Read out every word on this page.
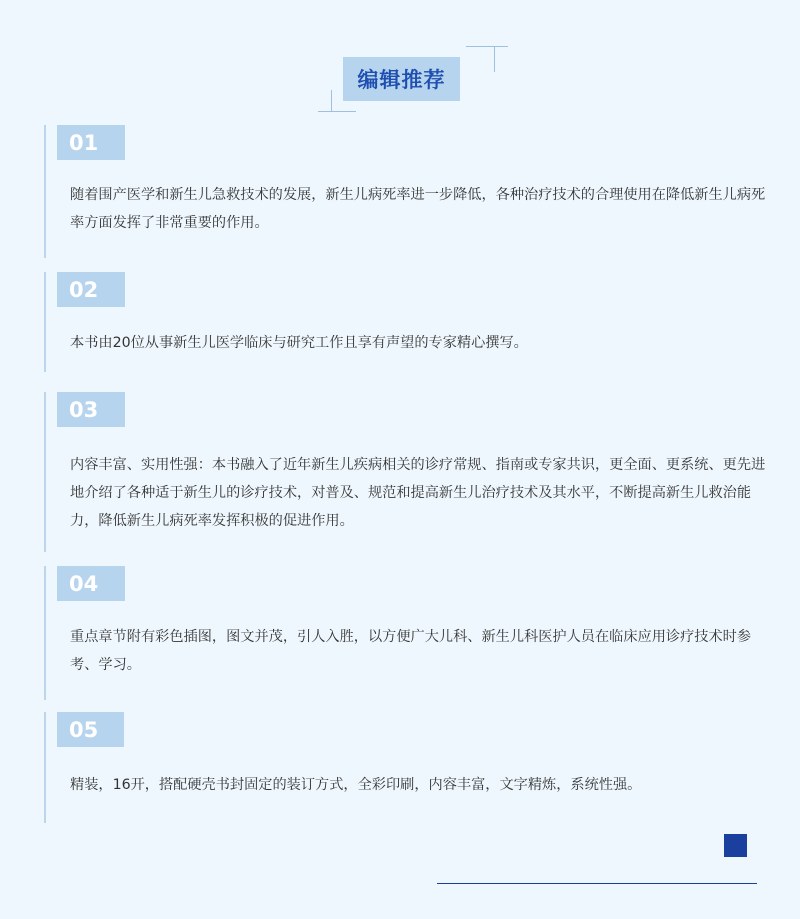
编辑推荐
01
随着围产医学和新生儿急救技术的发展，新生儿病死率进一步降低，各种治疗技术的合理使用在降低新生儿病死率方面发挥了非常重要的作用。
02
本书由20位从事新生儿医学临床与研究工作且享有声望的专家精心撰写。
03
内容丰富、实用性强：本书融入了近年新生儿疾病相关的诊疗常规、指南或专家共识，更全面、更系统、更先进地介绍了各种适于新生儿的诊疗技术，对普及、规范和提高新生儿治疗技术及其水平，不断提高新生儿救治能力，降低新生儿病死率发挥积极的促进作用。
04
重点章节附有彩色插图，图文并茂，引人入胜，以方便广大儿科、新生儿科医护人员在临床应用诊疗技术时参考、学习。
05
精装，16开，搭配硬壳书封固定的装订方式，全彩印刷，内容丰富，文字精炼，系统性强。
